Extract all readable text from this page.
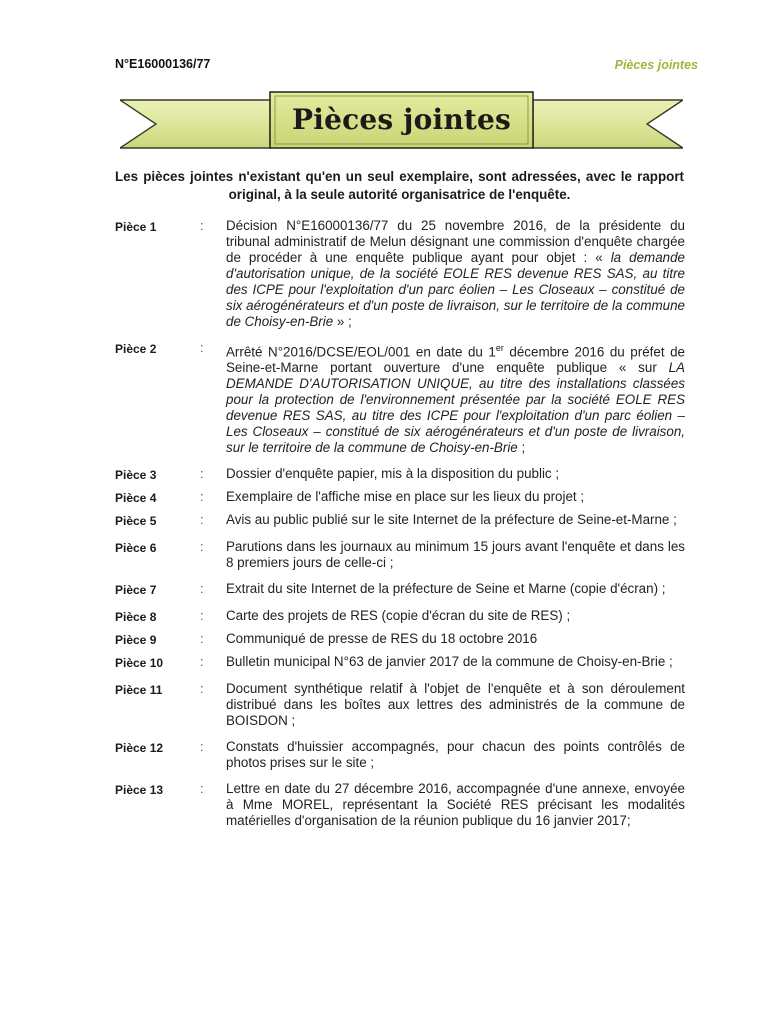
N°E16000136/77	Pièces jointes
Pièces jointes
Les pièces jointes n'existant qu'en un seul exemplaire, sont adressées, avec le rapport original, à la seule autorité organisatrice de l'enquête.
Pièce 1	:	Décision N°E16000136/77 du 25 novembre 2016, de la présidente du tribunal administratif de Melun désignant une commission d'enquête chargée de procéder à une enquête publique ayant pour objet : « la demande d'autorisation unique, de la société EOLE RES devenue RES SAS, au titre des ICPE pour l'exploitation d'un parc éolien – Les Closeaux – constitué de six aérogénérateurs et d'un poste de livraison, sur le territoire de la commune de Choisy-en-Brie » ;
Pièce 2	:	Arrêté N°2016/DCSE/EOL/001 en date du 1er décembre 2016 du préfet de Seine-et-Marne portant ouverture d'une enquête publique « sur LA DEMANDE D'AUTORISATION UNIQUE, au titre des installations classées pour la protection de l'environnement présentée par la société EOLE RES devenue RES SAS, au titre des ICPE pour l'exploitation d'un parc éolien – Les Closeaux – constitué de six aérogénérateurs et d'un poste de livraison, sur le territoire de la commune de Choisy-en-Brie ;
Pièce 3	:	Dossier d'enquête papier, mis à la disposition du public ;
Pièce 4	:	Exemplaire de l'affiche mise en place sur les lieux du projet ;
Pièce 5	:	Avis au public publié sur le site Internet de la préfecture de Seine-et-Marne ;
Pièce 6	:	Parutions dans les journaux au minimum 15 jours avant l'enquête et dans les 8 premiers jours de celle-ci ;
Pièce 7	:	Extrait du site Internet de la préfecture de Seine et Marne (copie d'écran) ;
Pièce 8	:	Carte des projets de RES (copie d'écran du site de RES) ;
Pièce 9	:	Communiqué de presse de RES du 18 octobre 2016
Pièce 10	:	Bulletin municipal N°63 de janvier 2017 de la commune de Choisy-en-Brie ;
Pièce 11	:	Document synthétique relatif à l'objet de l'enquête et à son déroulement distribué dans les boîtes aux lettres des administrés de la commune de BOISDON ;
Pièce 12	:	Constats d'huissier accompagnés, pour chacun des points contrôlés de photos prises sur le site ;
Pièce 13	:	Lettre en date du 27 décembre 2016, accompagnée d'une annexe, envoyée à Mme MOREL, représentant la Société RES précisant les modalités matérielles d'organisation de la réunion publique du 16 janvier 2017;
